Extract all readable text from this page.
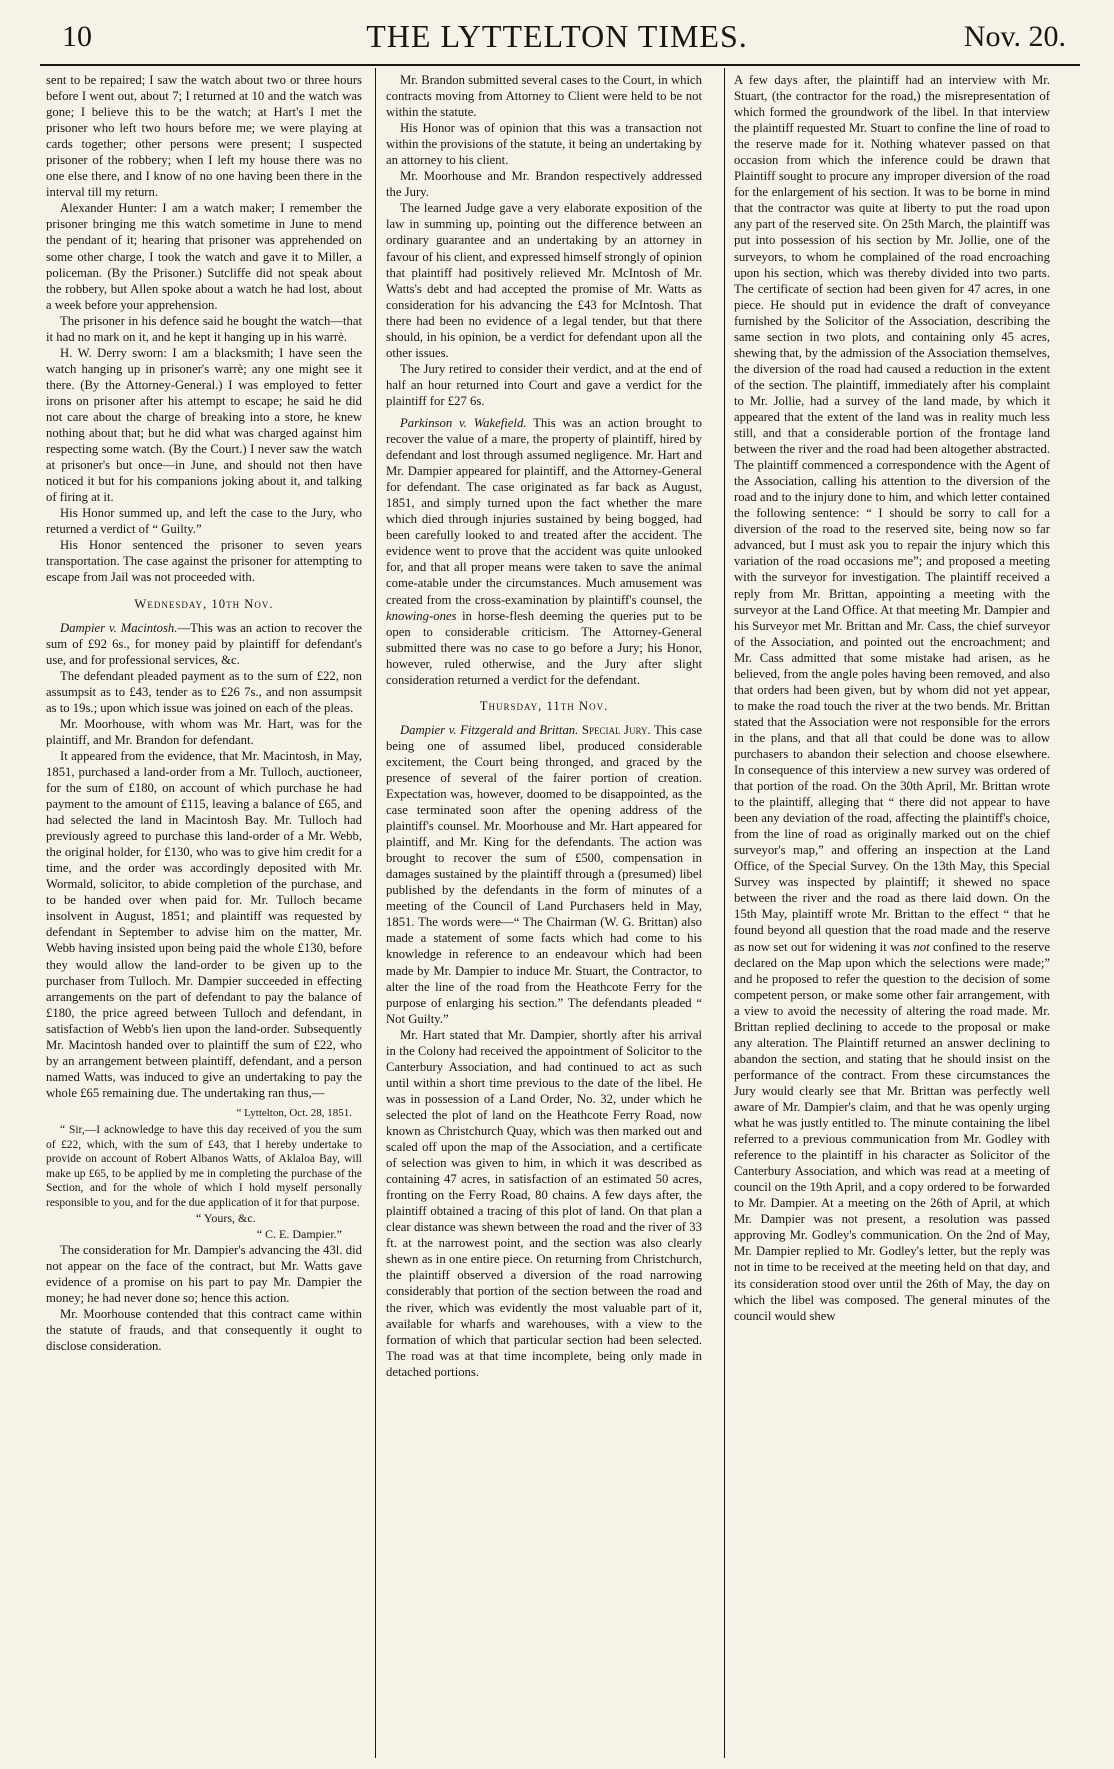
10	THE LYTTELTON TIMES.	Nov. 20.

sent to be repaired; I saw the watch about two or three hours before I went out, about 7; I returned at 10 and the watch was gone; I believe this to be the watch; at Hart's I met the prisoner who left two hours before me; we were playing at cards together; other persons were present; I suspected prisoner of the robbery; when I left my house there was no one else there, and I know of no one having been there in the interval till my return.

Alexander Hunter: I am a watch maker; I remember the prisoner bringing me this watch sometime in June to mend the pendant of it; hearing that prisoner was apprehended on some other charge, I took the watch and gave it to Miller, a policeman. (By the Prisoner.) Sutcliffe did not speak about the robbery, but Allen spoke about a watch he had lost, about a week before your apprehension.

The prisoner in his defence said he bought the watch—that it had no mark on it, and he kept it hanging up in his warrè.

H. W. Derry sworn: I am a blacksmith; I have seen the watch hanging up in prisoner's warrè; any one might see it there. (By the Attorney-General.) I was employed to fetter irons on prisoner after his attempt to escape; he said he did not care about the charge of breaking into a store, he knew nothing about that; but he did what was charged against him respecting some watch. (By the Court.) I never saw the watch at prisoner's but once—in June, and should not then have noticed it but for his companions joking about it, and talking of firing at it.

His Honor summed up, and left the case to the Jury, who returned a verdict of “ Guilty.”

His Honor sentenced the prisoner to seven years transportation. The case against the prisoner for attempting to escape from Jail was not proceeded with.

Wednesday, 10th Nov.

Dampier v. Macintosh.—This was an action to recover the sum of £92 6s., for money paid by plaintiff for defendant's use, and for professional services, &c.

The defendant pleaded payment as to the sum of £22, non assumpsit as to £43, tender as to £26 7s., and non assumpsit as to 19s.; upon which issue was joined on each of the pleas.

Mr. Moorhouse, with whom was Mr. Hart, was for the plaintiff, and Mr. Brandon for defendant.

It appeared from the evidence, that Mr. Macintosh, in May, 1851, purchased a land-order from a Mr. Tulloch, auctioneer, for the sum of £180, on account of which purchase he had payment to the amount of £115, leaving a balance of £65, and had selected the land in Macintosh Bay. Mr. Tulloch had previously agreed to purchase this land-order of a Mr. Webb, the original holder, for £130, who was to give him credit for a time, and the order was accordingly deposited with Mr. Wormald, solicitor, to abide completion of the purchase, and to be handed over when paid for. Mr. Tulloch became insolvent in August, 1851; and plaintiff was requested by defendant in September to advise him on the matter, Mr. Webb having insisted upon being paid the whole £130, before they would allow the land-order to be given up to the purchaser from Tulloch. Mr. Dampier succeeded in effecting arrangements on the part of defendant to pay the balance of £180, the price agreed between Tulloch and defendant, in satisfaction of Webb's lien upon the land-order. Subsequently Mr. Macintosh handed over to plaintiff the sum of £22, who by an arrangement between plaintiff, defendant, and a person named Watts, was induced to give an undertaking to pay the whole £65 remaining due. The undertaking ran thus,—

“ Lyttelton, Oct. 28, 1851.

“ Sir,—I acknowledge to have this day received of you the sum of £22, which, with the sum of £43, that I hereby undertake to provide on account of Robert Albanos Watts, of Aklaloa Bay, will make up £65, to be applied by me in completing the purchase of the Section, and for the whole of which I hold myself personally responsible to you, and for the due application of it for that purpose.

“ Yours, &c.
“ C. E. Dampier.”

The consideration for Mr. Dampier's advancing the 43l. did not appear on the face of the contract, but Mr. Watts gave evidence of a promise on his part to pay Mr. Dampier the money; he had never done so; hence this action.

Mr. Moorhouse contended that this contract came within the statute of frauds, and that consequently it ought to disclose consideration.

Mr. Brandon submitted several cases to the Court, in which contracts moving from Attorney to Client were held to be not within the statute.

His Honor was of opinion that this was a transaction not within the provisions of the statute, it being an undertaking by an attorney to his client.

Mr. Moorhouse and Mr. Brandon respectively addressed the Jury.

The learned Judge gave a very elaborate exposition of the law in summing up, pointing out the difference between an ordinary guarantee and an undertaking by an attorney in favour of his client, and expressed himself strongly of opinion that plaintiff had positively relieved Mr. McIntosh of Mr. Watts's debt and had accepted the promise of Mr. Watts as consideration for his advancing the £43 for McIntosh. That there had been no evidence of a legal tender, but that there should, in his opinion, be a verdict for defendant upon all the other issues.

The Jury retired to consider their verdict, and at the end of half an hour returned into Court and gave a verdict for the plaintiff for £27 6s.

Parkinson v. Wakefield. This was an action brought to recover the value of a mare, the property of plaintiff, hired by defendant and lost through assumed negligence. Mr. Hart and Mr. Dampier appeared for plaintiff, and the Attorney-General for defendant. The case originated as far back as August, 1851, and simply turned upon the fact whether the mare which died through injuries sustained by being bogged, had been carefully looked to and treated after the accident. The evidence went to prove that the accident was quite unlooked for, and that all proper means were taken to save the animal come-atable under the circumstances. Much amusement was created from the cross-examination by plaintiff's counsel, the knowing-ones in horse-flesh deeming the queries put to be open to considerable criticism. The Attorney-General submitted there was no case to go before a Jury; his Honor, however, ruled otherwise, and the Jury after slight consideration returned a verdict for the defendant.

Thursday, 11th Nov.

Dampier v. Fitzgerald and Brittan. Special Jury. This case being one of assumed libel, produced considerable excitement, the Court being thronged, and graced by the presence of several of the fairer portion of creation. Expectation was, however, doomed to be disappointed, as the case terminated soon after the opening address of the plaintiff's counsel. Mr. Moorhouse and Mr. Hart appeared for plaintiff, and Mr. King for the defendants. The action was brought to recover the sum of £500, compensation in damages sustained by the plaintiff through a (presumed) libel published by the defendants in the form of minutes of a meeting of the Council of Land Purchasers held in May, 1851. The words were—“ The Chairman (W. G. Brittan) also made a statement of some facts which had come to his knowledge in reference to an endeavour which had been made by Mr. Dampier to induce Mr. Stuart, the Contractor, to alter the line of the road from the Heathcote Ferry for the purpose of enlarging his section.” The defendants pleaded “ Not Guilty.”

Mr. Hart stated that Mr. Dampier, shortly after his arrival in the Colony had received the appointment of Solicitor to the Canterbury Association, and had continued to act as such until within a short time previous to the date of the libel. He was in possession of a Land Order, No. 32, under which he selected the plot of land on the Heathcote Ferry Road, now known as Christchurch Quay, which was then marked out and scaled off upon the map of the Association, and a certificate of selection was given to him, in which it was described as containing 47 acres, in satisfaction of an estimated 50 acres, fronting on the Ferry Road, 80 chains. A few days after, the plaintiff obtained a tracing of this plot of land. On that plan a clear distance was shewn between the road and the river of 33 ft. at the narrowest point, and the section was also clearly shewn as in one entire piece. On returning from Christchurch, the plaintiff observed a diversion of the road narrowing considerably that portion of the section between the road and the river, which was evidently the most valuable part of it, available for wharfs and warehouses, with a view to the formation of which that particular section had been selected. The road was at that time incomplete, being only made in detached portions.

A few days after, the plaintiff had an interview with Mr. Stuart, (the contractor for the road,) the misrepresentation of which formed the groundwork of the libel. In that interview the plaintiff requested Mr. Stuart to confine the line of road to the reserve made for it. Nothing whatever passed on that occasion from which the inference could be drawn that Plaintiff sought to procure any improper diversion of the road for the enlargement of his section. It was to be borne in mind that the contractor was quite at liberty to put the road upon any part of the reserved site. On 25th March, the plaintiff was put into possession of his section by Mr. Jollie, one of the surveyors, to whom he complained of the road encroaching upon his section, which was thereby divided into two parts. The certificate of section had been given for 47 acres, in one piece. He should put in evidence the draft of conveyance furnished by the Solicitor of the Association, describing the same section in two plots, and containing only 45 acres, shewing that, by the admission of the Association themselves, the diversion of the road had caused a reduction in the extent of the section. The plaintiff, immediately after his complaint to Mr. Jollie, had a survey of the land made, by which it appeared that the extent of the land was in reality much less still, and that a considerable portion of the frontage land between the river and the road had been altogether abstracted. The plaintiff commenced a correspondence with the Agent of the Association, calling his attention to the diversion of the road and to the injury done to him, and which letter contained the following sentence: “ I should be sorry to call for a diversion of the road to the reserved site, being now so far advanced, but I must ask you to repair the injury which this variation of the road occasions me”; and proposed a meeting with the surveyor for investigation. The plaintiff received a reply from Mr. Brittan, appointing a meeting with the surveyor at the Land Office. At that meeting Mr. Dampier and his Surveyor met Mr. Brittan and Mr. Cass, the chief surveyor of the Association, and pointed out the encroachment; and Mr. Cass admitted that some mistake had arisen, as he believed, from the angle poles having been removed, and also that orders had been given, but by whom did not yet appear, to make the road touch the river at the two bends. Mr. Brittan stated that the Association were not responsible for the errors in the plans, and that all that could be done was to allow purchasers to abandon their selection and choose elsewhere. In consequence of this interview a new survey was ordered of that portion of the road. On the 30th April, Mr. Brittan wrote to the plaintiff, alleging that “ there did not appear to have been any deviation of the road, affecting the plaintiff's choice, from the line of road as originally marked out on the chief surveyor's map,” and offering an inspection at the Land Office, of the Special Survey. On the 13th May, this Special Survey was inspected by plaintiff; it shewed no space between the river and the road as there laid down. On the 15th May, plaintiff wrote Mr. Brittan to the effect “ that he found beyond all question that the road made and the reserve as now set out for widening it was not confined to the reserve declared on the Map upon which the selections were made;” and he proposed to refer the question to the decision of some competent person, or make some other fair arrangement, with a view to avoid the necessity of altering the road made. Mr. Brittan replied declining to accede to the proposal or make any alteration. The Plaintiff returned an answer declining to abandon the section, and stating that he should insist on the performance of the contract. From these circumstances the Jury would clearly see that Mr. Brittan was perfectly well aware of Mr. Dampier's claim, and that he was openly urging what he was justly entitled to. The minute containing the libel referred to a previous communication from Mr. Godley with reference to the plaintiff in his character as Solicitor of the Canterbury Association, and which was read at a meeting of council on the 19th April, and a copy ordered to be forwarded to Mr. Dampier. At a meeting on the 26th of April, at which Mr. Dampier was not present, a resolution was passed approving Mr. Godley's communication. On the 2nd of May, Mr. Dampier replied to Mr. Godley's letter, but the reply was not in time to be received at the meeting held on that day, and its consideration stood over until the 26th of May, the day on which the libel was composed. The general minutes of the council would shew
